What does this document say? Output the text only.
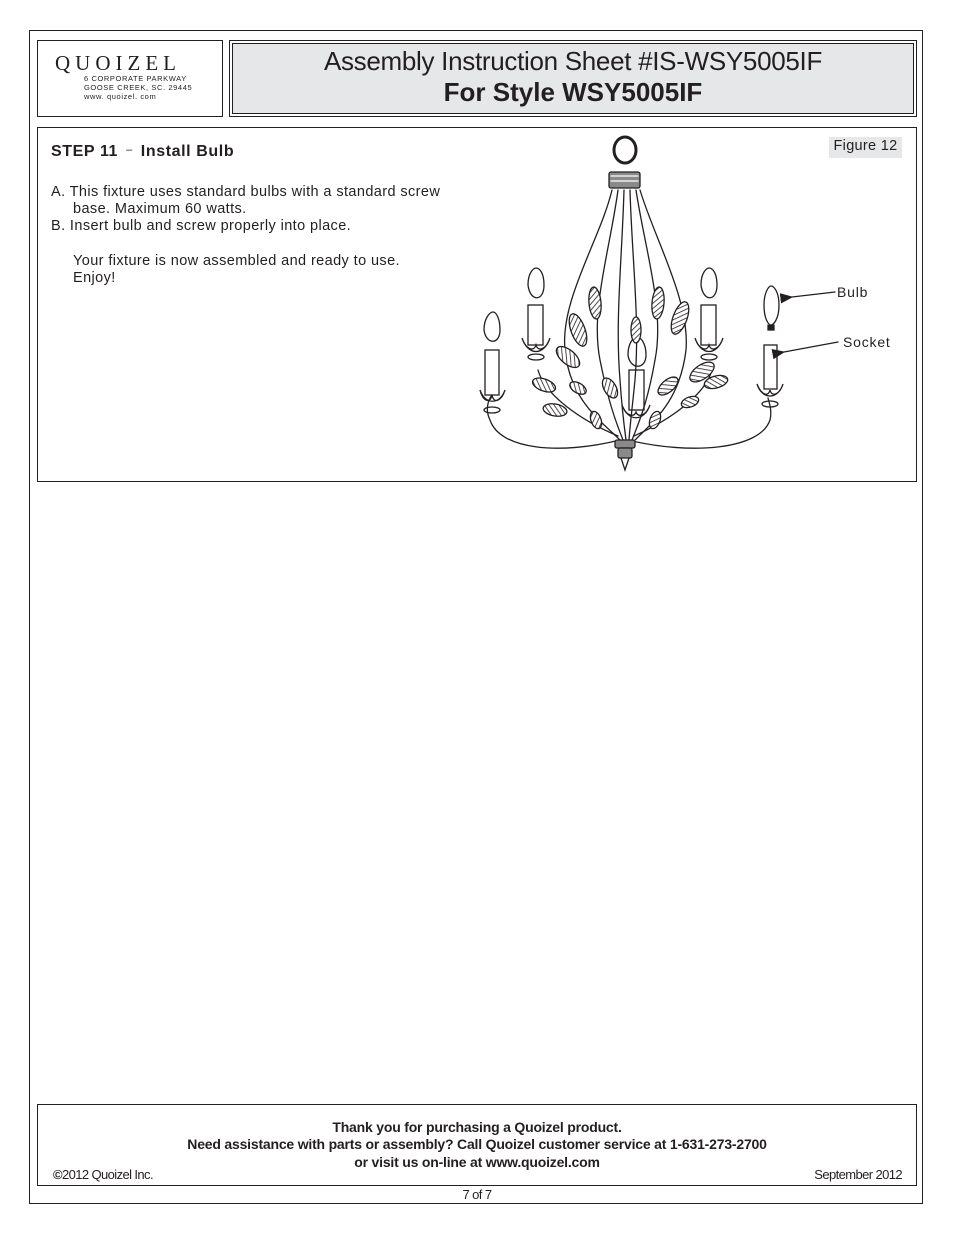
QUOIZEL
6 CORPORATE PARKWAY
GOOSE CREEK, SC. 29445
www. quoizel. com
Assembly Instruction Sheet #IS-WSY5005IF
For Style WSY5005IF
STEP 11 – Install Bulb
A. This fixture uses standard bulbs with a standard screw
base. Maximum 60 watts.
B. Insert bulb and screw properly into place.
Your fixture is now assembled and ready to use.
Enjoy!
Figure 12
Bulb
Socket
Thank you for purchasing a Quoizel product.
Need assistance with parts or assembly? Call Quoizel customer service at 1-631-273-2700
or visit us on-line at www.quoizel.com
©2012 Quoizel Inc.	September 2012
7 of 7
